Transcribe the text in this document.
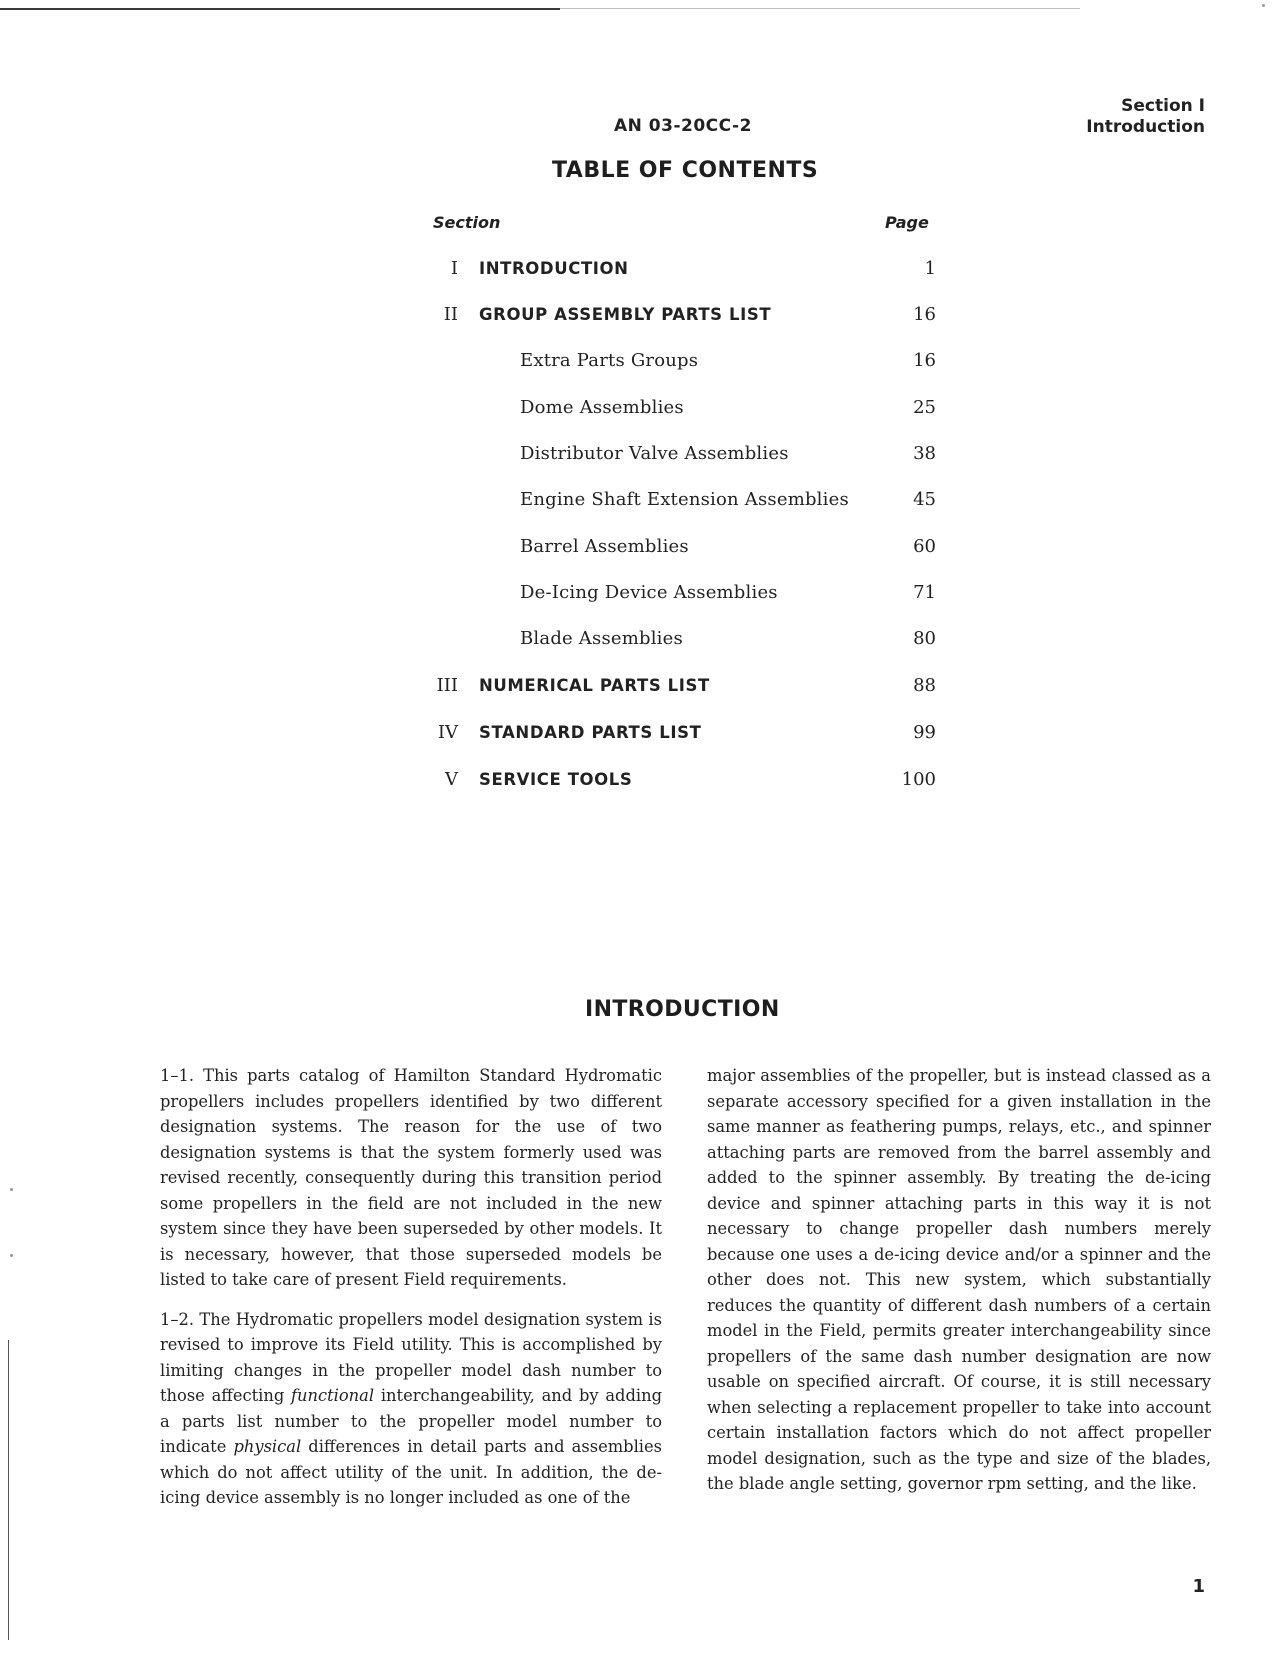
Section I
Introduction
AN 03-20CC-2
TABLE OF CONTENTS
Section	Page
I INTRODUCTION	1
II GROUP ASSEMBLY PARTS LIST	16
Extra Parts Groups	16
Dome Assemblies	25
Distributor Valve Assemblies	38
Engine Shaft Extension Assemblies	45
Barrel Assemblies	60
De-Icing Device Assemblies	71
Blade Assemblies	80
III NUMERICAL PARTS LIST	88
IV STANDARD PARTS LIST	99
V SERVICE TOOLS	100
INTRODUCTION

1–1. This parts catalog of Hamilton Standard Hydromatic propellers includes propellers identified by two different designation systems. The reason for the use of two designation systems is that the system formerly used was revised recently, consequently during this transition period some propellers in the field are not included in the new system since they have been superseded by other models. It is necessary, however, that those superseded models be listed to take care of present Field requirements.

1–2. The Hydromatic propellers model designation system is revised to improve its Field utility. This is accomplished by limiting changes in the propeller model dash number to those affecting functional interchangeability, and by adding a parts list number to the propeller model number to indicate physical differences in detail parts and assemblies which do not affect utility of the unit. In addition, the de-icing device assembly is no longer included as one of the

major assemblies of the propeller, but is instead classed as a separate accessory specified for a given installation in the same manner as feathering pumps, relays, etc., and spinner attaching parts are removed from the barrel assembly and added to the spinner assembly. By treating the de-icing device and spinner attaching parts in this way it is not necessary to change propeller dash numbers merely because one uses a de-icing device and/or a spinner and the other does not. This new system, which substantially reduces the quantity of different dash numbers of a certain model in the Field, permits greater interchangeability since propellers of the same dash number designation are now usable on specified aircraft. Of course, it is still necessary when selecting a replacement propeller to take into account certain installation factors which do not affect propeller model designation, such as the type and size of the blades, the blade angle setting, governor rpm setting, and the like.

1
